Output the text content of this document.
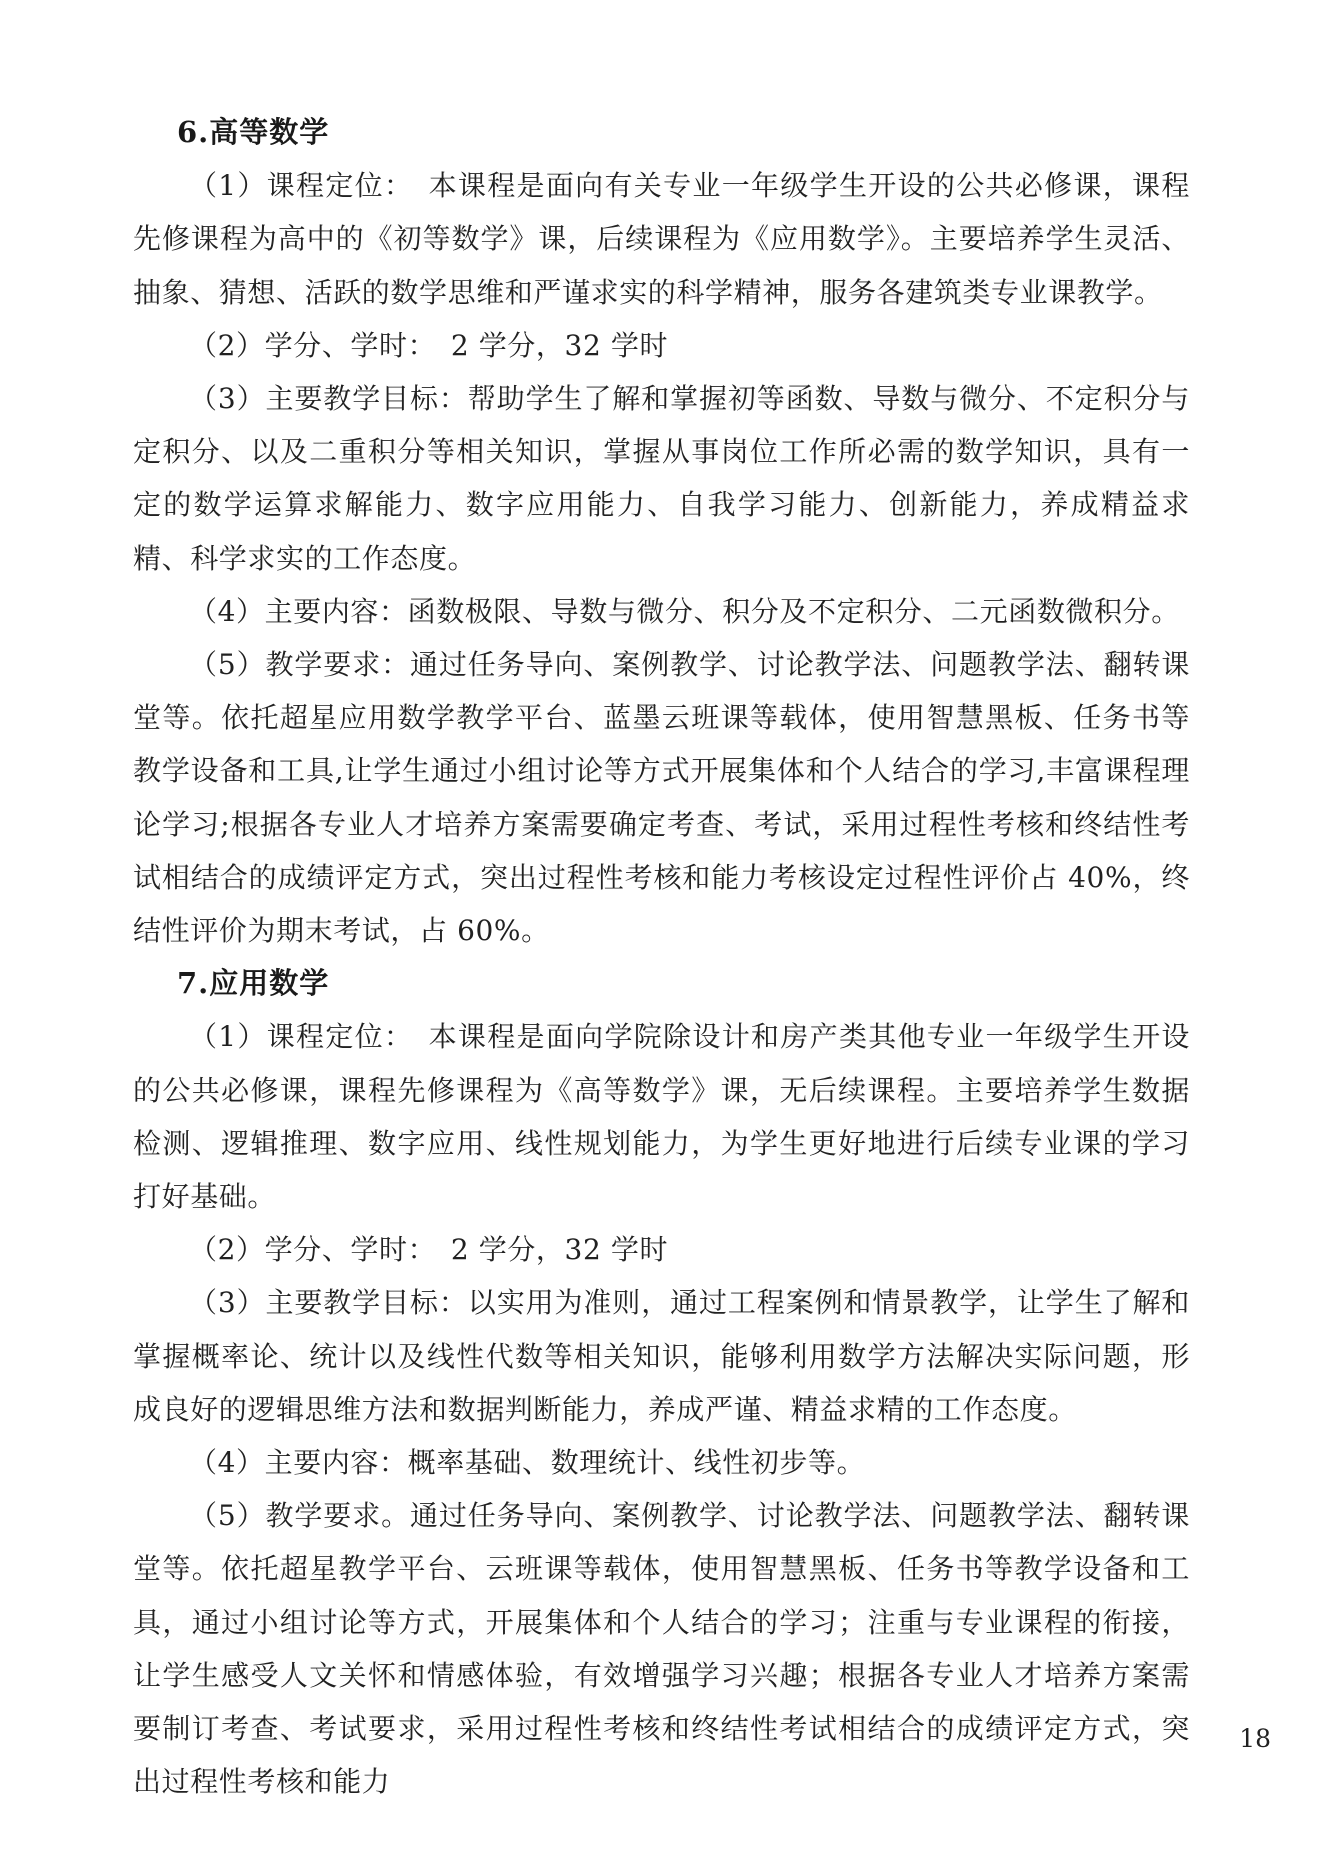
6.高等数学

（1）课程定位：　本课程是面向有关专业一年级学生开设的公共必修课，课程先修课程为高中的《初等数学》课，后续课程为《应用数学》。主要培养学生灵活、抽象、猜想、活跃的数学思维和严谨求实的科学精神，服务各建筑类专业课教学。

（2）学分、学时：　2 学分，32 学时

（3）主要教学目标：帮助学生了解和掌握初等函数、导数与微分、不定积分与定积分、以及二重积分等相关知识，掌握从事岗位工作所必需的数学知识，具有一定的数学运算求解能力、数字应用能力、自我学习能力、创新能力，养成精益求精、科学求实的工作态度。

（4）主要内容：函数极限、导数与微分、积分及不定积分、二元函数微积分。

（5）教学要求：通过任务导向、案例教学、讨论教学法、问题教学法、翻转课堂等。依托超星应用数学教学平台、蓝墨云班课等载体，使用智慧黑板、任务书等教学设备和工具,让学生通过小组讨论等方式开展集体和个人结合的学习,丰富课程理论学习;根据各专业人才培养方案需要确定考查、考试，采用过程性考核和终结性考试相结合的成绩评定方式，突出过程性考核和能力考核设定过程性评价占 40%，终结性评价为期末考试，占 60%。

7.应用数学

（1）课程定位：　本课程是面向学院除设计和房产类其他专业一年级学生开设的公共必修课，课程先修课程为《高等数学》课，无后续课程。主要培养学生数据检测、逻辑推理、数字应用、线性规划能力，为学生更好地进行后续专业课的学习打好基础。

（2）学分、学时：　2 学分，32 学时

（3）主要教学目标：以实用为准则，通过工程案例和情景教学，让学生了解和掌握概率论、统计以及线性代数等相关知识，能够利用数学方法解决实际问题，形成良好的逻辑思维方法和数据判断能力，养成严谨、精益求精的工作态度。

（4）主要内容：概率基础、数理统计、线性初步等。

（5）教学要求。通过任务导向、案例教学、讨论教学法、问题教学法、翻转课堂等。依托超星教学平台、云班课等载体，使用智慧黑板、任务书等教学设备和工具，通过小组讨论等方式，开展集体和个人结合的学习；注重与专业课程的衔接，让学生感受人文关怀和情感体验，有效增强学习兴趣；根据各专业人才培养方案需要制订考查、考试要求，采用过程性考核和终结性考试相结合的成绩评定方式，突出过程性考核和能力

18
